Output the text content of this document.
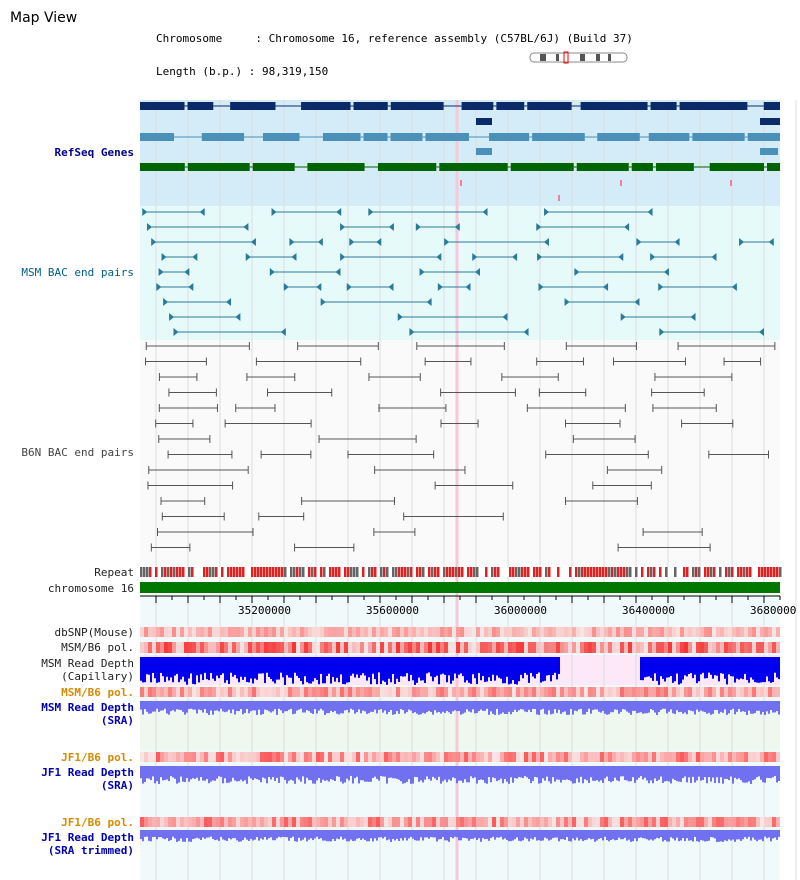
Map View

Chromosome     : Chromosome 16, reference assembly (C57BL/6J) (Build 37)

Length (b.p.) : 98,319,150

RefSeq Genes
MSM BAC end pairs
B6N BAC end pairs
Repeat
chromosome 16
dbSNP(Mouse)
MSM/B6 pol.
MSM Read Depth
(Capillary)
MSM/B6 pol.
MSM Read Depth
(SRA)
JF1/B6 pol.
JF1 Read Depth
(SRA)
JF1/B6 pol.
JF1 Read Depth
(SRA trimmed)
35200000	35600000	36000000	36400000	3680000
